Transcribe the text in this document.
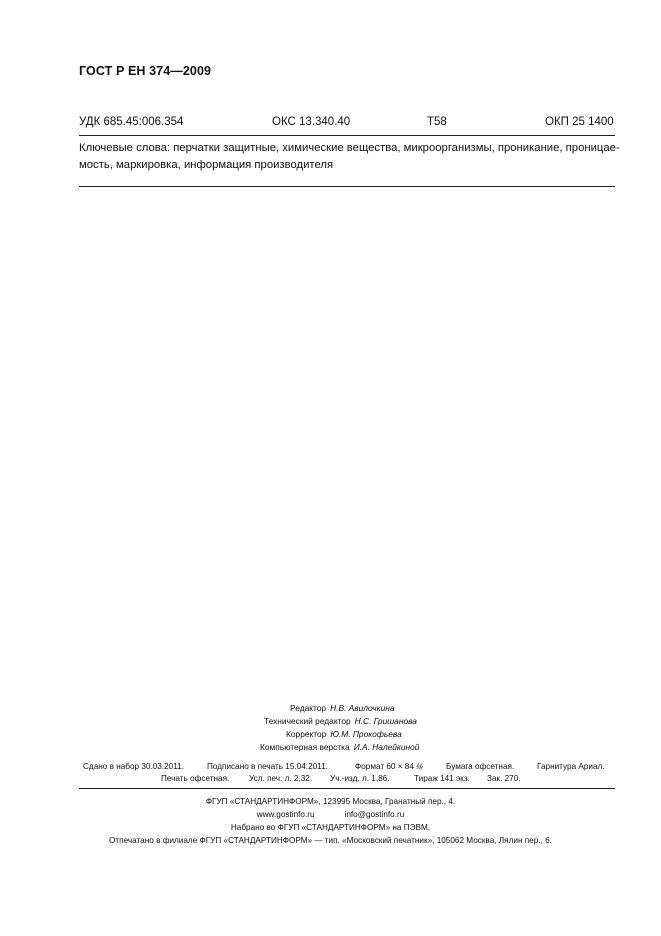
ГОСТ Р ЕН 374—2009
УДК 685.45:006.354	ОКС 13.340.40	Т58	ОКП 25 1400
Ключевые слова: перчатки защитные, химические вещества, микроорганизмы, проникание, проницае-
мость, маркировка, информация производителя
Редактор Н.В. Авилочкина
Технический редактор Н.С. Гришанова
Корректор Ю.М. Прокофьева
Компьютерная верстка И.А. Налейкиной
Сдано в набор 30.03.2011.	Подписано в печать 15.04.2011.	Формат 60 × 84 ⅛	Бумага офсетная.	Гарнитура Ариал.
Печать офсетная. Усл. печ. л. 2,32. Уч.-изд. л. 1,86.	Тираж 141 экз. Зак. 270.
ФГУП «СТАНДАРТИНФОРМ», 123995 Москва, Гранатный пер., 4.
www.gostinfo.ru	info@gostinfo.ru
Набрано во ФГУП «СТАНДАРТИНФОРМ» на ПЭВМ.
Отпечатано в филиале ФГУП «СТАНДАРТИНФОРМ» — тип. «Московский печатник», 105062 Москва, Лялин пер., 6.
